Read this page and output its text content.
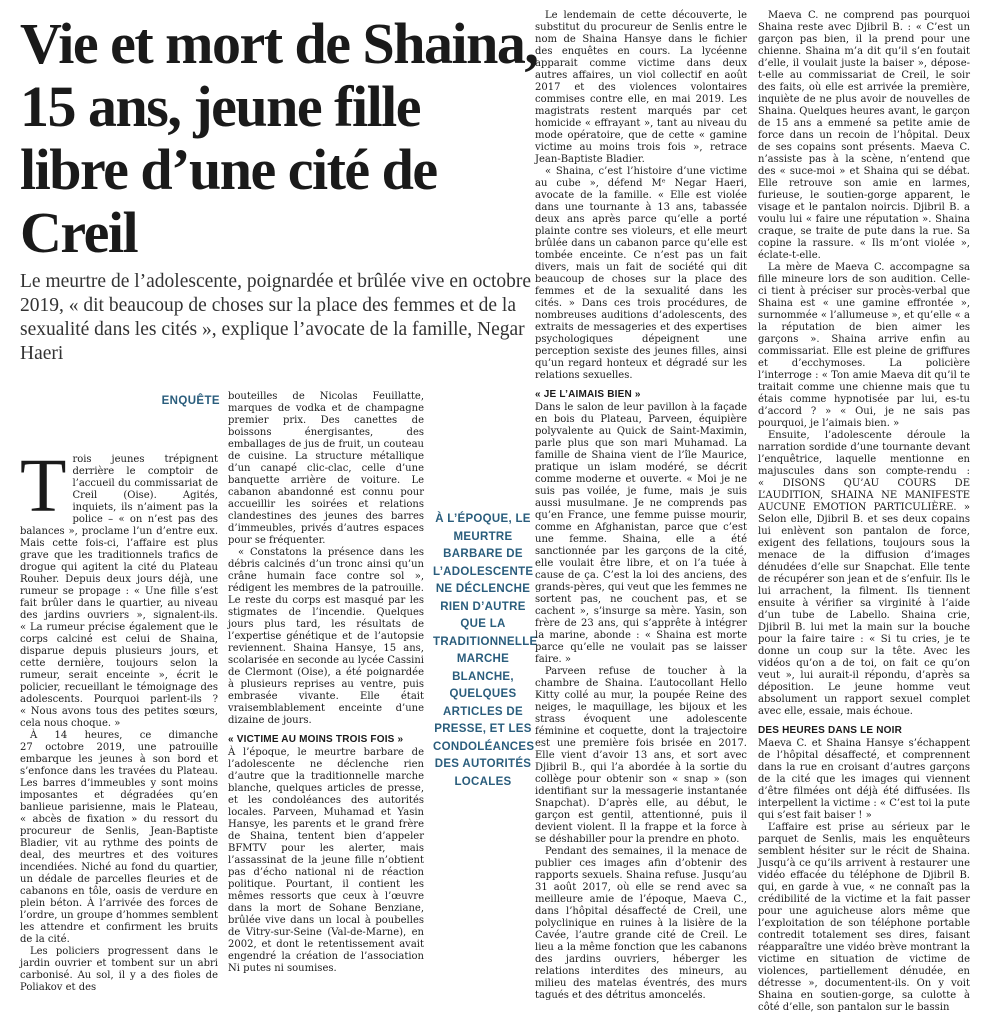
Vie et mort de Shaina, 15 ans, jeune fille libre d’une cité de Creil

Le meurtre de l’adolescente, poignardée et brûlée vive en octobre 2019, « dit beaucoup de choses sur la place des femmes et de la sexualité dans les cités », explique l’avocate de la famille, Negar Haeri

ENQUÊTE
T rois jeunes trépignent derrière le comptoir de l’accueil du commissariat de Creil (Oise). Agités, inquiets, ils n’aiment pas la police – « on n’est pas des balances », proclame l’un d’entre eux. Mais cette fois-ci, l’affaire est plus grave que les traditionnels trafics de drogue qui agitent la cité du Plateau Rouher. Depuis deux jours déjà, une rumeur se propage : « Une fille s’est fait brûler dans le quartier, au niveau des jardins ouvriers », signalent-ils. « La rumeur précise également que le corps calciné est celui de Shaina, disparue depuis plusieurs jours, et cette dernière, toujours selon la rumeur, serait enceinte », écrit le policier, recueillant le témoignage des adolescents. Pourquoi parlent-ils ? « Nous avons tous des petites sœurs, cela nous choque. »

À 14 heures, ce dimanche 27 octobre 2019, une patrouille embarque les jeunes à son bord et s’enfonce dans les travées du Plateau. Les barres d’immeubles y sont moins imposantes et dégradées qu’en banlieue parisienne, mais le Plateau, « abcès de fixation » du ressort du procureur de Senlis, Jean-Baptiste Bladier, vit au rythme des points de deal, des meurtres et des voitures incendiées. Niché au fond du quartier, un dédale de parcelles fleuries et de cabanons en tôle, oasis de verdure en plein béton. À l’arrivée des forces de l’ordre, un groupe d’hommes semblent les attendre et confirment les bruits de la cité.

Les policiers progressent dans le jardin ouvrier et tombent sur un abri carbonisé. Au sol, il y a des fioles de Poliakov et des

bouteilles de Nicolas Feuillatte, marques de vodka et de champagne premier prix. Des canettes de boissons énergisantes, des emballages de jus de fruit, un couteau de cuisine. La structure métallique d’un canapé clic-clac, celle d’une banquette arrière de voiture. Le cabanon abandonné est connu pour accueillir les soirées et relations clandestines des jeunes des barres d’immeubles, privés d’autres espaces pour se fréquenter.

« Constatons la présence dans les débris calcinés d’un tronc ainsi qu’un crâne humain face contre sol », rédigent les membres de la patrouille. Le reste du corps est masqué par les stigmates de l’incendie. Quelques jours plus tard, les résultats de l’expertise génétique et de l’autopsie reviennent. Shaina Hansye, 15 ans, scolarisée en seconde au lycée Cassini de Clermont (Oise), a été poignardée à plusieurs reprises au ventre, puis embrasée vivante. Elle était vraisemblablement enceinte d’une dizaine de jours.

« VICTIME AU MOINS TROIS FOIS »

À l’époque, le meurtre barbare de l’adolescente ne déclenche rien d’autre que la traditionnelle marche blanche, quelques articles de presse, et les condoléances des autorités locales. Parveen, Muhamad et Yasin Hansye, les parents et le grand frère de Shaina, tentent bien d’appeler BFMTV pour les alerter, mais l’assassinat de la jeune fille n’obtient pas d’écho national ni de réaction politique. Pourtant, il contient les mêmes ressorts que ceux à l’œuvre dans la mort de Sohane Benziane, brûlée vive dans un local à poubelles de Vitry-sur-Seine (Val-de-Marne), en 2002, et dont le retentissement avait engendré la création de l’association Ni putes ni soumises.

À L’ÉPOQUE, LE MEURTRE BARBARE DE L’ADOLESCENTE NE DÉCLENCHE RIEN D’AUTRE QUE LA TRADITIONNELLE MARCHE BLANCHE, QUELQUES ARTICLES DE PRESSE, ET LES CONDOLÉANCES DES AUTORITÉS LOCALES

Le lendemain de cette découverte, le substitut du procureur de Senlis entre le nom de Shaina Hansye dans le fichier des enquêtes en cours. La lycéenne apparait comme victime dans deux autres affaires, un viol collectif en août 2017 et des violences volontaires commises contre elle, en mai 2019. Les magistrats restent marqués par cet homicide « effrayant », tant au niveau du mode opératoire, que de cette « gamine victime au moins trois fois », retrace Jean-Baptiste Bladier.

« Shaina, c’est l’histoire d’une victime au cube », défend Mᵉ Negar Haeri, avocate de la famille. « Elle est violée dans une tournante à 13 ans, tabassée deux ans après parce qu’elle a porté plainte contre ses violeurs, et elle meurt brûlée dans un cabanon parce qu’elle est tombée enceinte. Ce n’est pas un fait divers, mais un fait de société qui dit beaucoup de choses sur la place des femmes et de la sexualité dans les cités. » Dans ces trois procédures, de nombreuses auditions d’adolescents, des extraits de messageries et des expertises psychologiques dépeignent une perception sexiste des jeunes filles, ainsi qu’un regard honteux et dégradé sur les relations sexuelles.

« JE L’AIMAIS BIEN »

Dans le salon de leur pavillon à la façade en bois du Plateau, Parveen, équipière polyvalente au Quick de Saint-Maximin, parle plus que son mari Muhamad. La famille de Shaina vient de l’île Maurice, pratique un islam modéré, se décrit comme moderne et ouverte. « Moi je ne suis pas voilée, je fume, mais je suis aussi musulmane. Je ne comprends pas qu’en France, une femme puisse mourir, comme en Afghanistan, parce que c’est une femme. Shaina, elle a été sanctionnée par les garçons de la cité, elle voulait être libre, et on l’a tuée à cause de ça. C’est la loi des anciens, des grands-pères, qui veut que les femmes ne sortent pas, ne couchent pas, et se cachent », s’insurge sa mère. Yasin, son frère de 23 ans, qui s’apprête à intégrer la marine, abonde : « Shaina est morte parce qu’elle ne voulait pas se laisser faire. »

Parveen refuse de toucher à la chambre de Shaina. L’autocollant Hello Kitty collé au mur, la poupée Reine des neiges, le maquillage, les bijoux et les strass évoquent une adolescente féminine et coquette, dont la trajectoire est une première fois brisée en 2017. Elle vient d’avoir 13 ans, et sort avec Djibril B., qui l’a abordée à la sortie du collège pour obtenir son « snap » (son identifiant sur la messagerie instantanée Snapchat). D’après elle, au début, le garçon est gentil, attentionné, puis il devient violent. Il la frappe et la force à se déshabiller pour la prendre en photo.

Pendant des semaines, il la menace de publier ces images afin d’obtenir des rapports sexuels. Shaina refuse. Jusqu’au 31 août 2017, où elle se rend avec sa meilleure amie de l’époque, Maeva C., dans l’hôpital désaffecté de Creil, une polyclinique en ruines à la lisière de la Cavée, l’autre grande cité de Creil. Le lieu a la même fonction que les cabanons des jardins ouvriers, héberger les relations interdites des mineurs, au milieu des matelas éventrés, des murs tagués et des détritus amoncelés.

Maeva C. ne comprend pas pourquoi Shaina reste avec Djibril B. : « C’est un garçon pas bien, il la prend pour une chienne. Shaina m’a dit qu’il s’en foutait d’elle, il voulait juste la baiser », dépose-t-elle au commissariat de Creil, le soir des faits, où elle est arrivée la première, inquiète de ne plus avoir de nouvelles de Shaina. Quelques heures avant, le garçon de 15 ans a emmené sa petite amie de force dans un recoin de l’hôpital. Deux de ses copains sont présents. Maeva C. n’assiste pas à la scène, n’entend que des « suce-moi » et Shaina qui se débat. Elle retrouve son amie en larmes, furieuse, le soutien-gorge apparent, le visage et le pantalon noircis. Djibril B. a voulu lui « faire une réputation ». Shaina craque, se traite de pute dans la rue. Sa copine la rassure. « Ils m’ont violée », éclate-t-elle.

La mère de Maeva C. accompagne sa fille mineure lors de son audition. Celle-ci tient à préciser sur procès-verbal que Shaina est « une gamine effrontée », surnommée « l’allumeuse », et qu’elle « a la réputation de bien aimer les garçons ». Shaina arrive enfin au commissariat. Elle est pleine de griffures et d’ecchymoses. La policière l’interroge : « Ton amie Maeva dit qu’il te traitait comme une chienne mais que tu étais comme hypnotisée par lui, es-tu d’accord ? » « Oui, je ne sais pas pourquoi, je l’aimais bien. »

Ensuite, l’adolescente déroule la narration sordide d’une tournante devant l’enquêtrice, laquelle mentionne en majuscules dans son compte-rendu : « DISONS QU’AU COURS DE L’AUDITION, SHAINA NE MANIFESTE AUCUNE EMOTION PARTICULIÈRE. » Selon elle, Djibril B. et ses deux copains lui enlèvent son pantalon de force, exigent des fellations, toujours sous la menace de la diffusion d’images dénudées d’elle sur Snapchat. Elle tente de récupérer son jean et de s’enfuir. Ils le lui arrachent, la filment. Ils tiennent ensuite à vérifier sa virginité à l’aide d’un tube de Labello. Shaina crie, Djibril B. lui met la main sur la bouche pour la faire taire : « Si tu cries, je te donne un coup sur la tête. Avec les vidéos qu’on a de toi, on fait ce qu’on veut », lui aurait-il répondu, d’après sa déposition. Le jeune homme veut absolument un rapport sexuel complet avec elle, essaie, mais échoue.

DES HEURES DANS LE NOIR

Maeva C. et Shaina Hansye s’échappent de l’hôpital désaffecté, et comprennent dans la rue en croisant d’autres garçons de la cité que les images qui viennent d’être filmées ont déjà été diffusées. Ils interpellent la victime : « C’est toi la pute qui s’est fait baiser ! »

L’affaire est prise au sérieux par le parquet de Senlis, mais les enquêteurs semblent hésiter sur le récit de Shaina. Jusqu’à ce qu’ils arrivent à restaurer une vidéo effacée du téléphone de Djibril B. qui, en garde à vue, « ne connaît pas la crédibilité de la victime et la fait passer pour une aguicheuse alors même que l’exploitation de son téléphone portable contredit totalement ses dires, faisant réapparaître une vidéo brève montrant la victime en situation de victime de violences, partiellement dénudée, en détresse », documentent-ils. On y voit Shaina en soutien-gorge, sa culotte à côté d’elle, son pantalon sur le bassin
